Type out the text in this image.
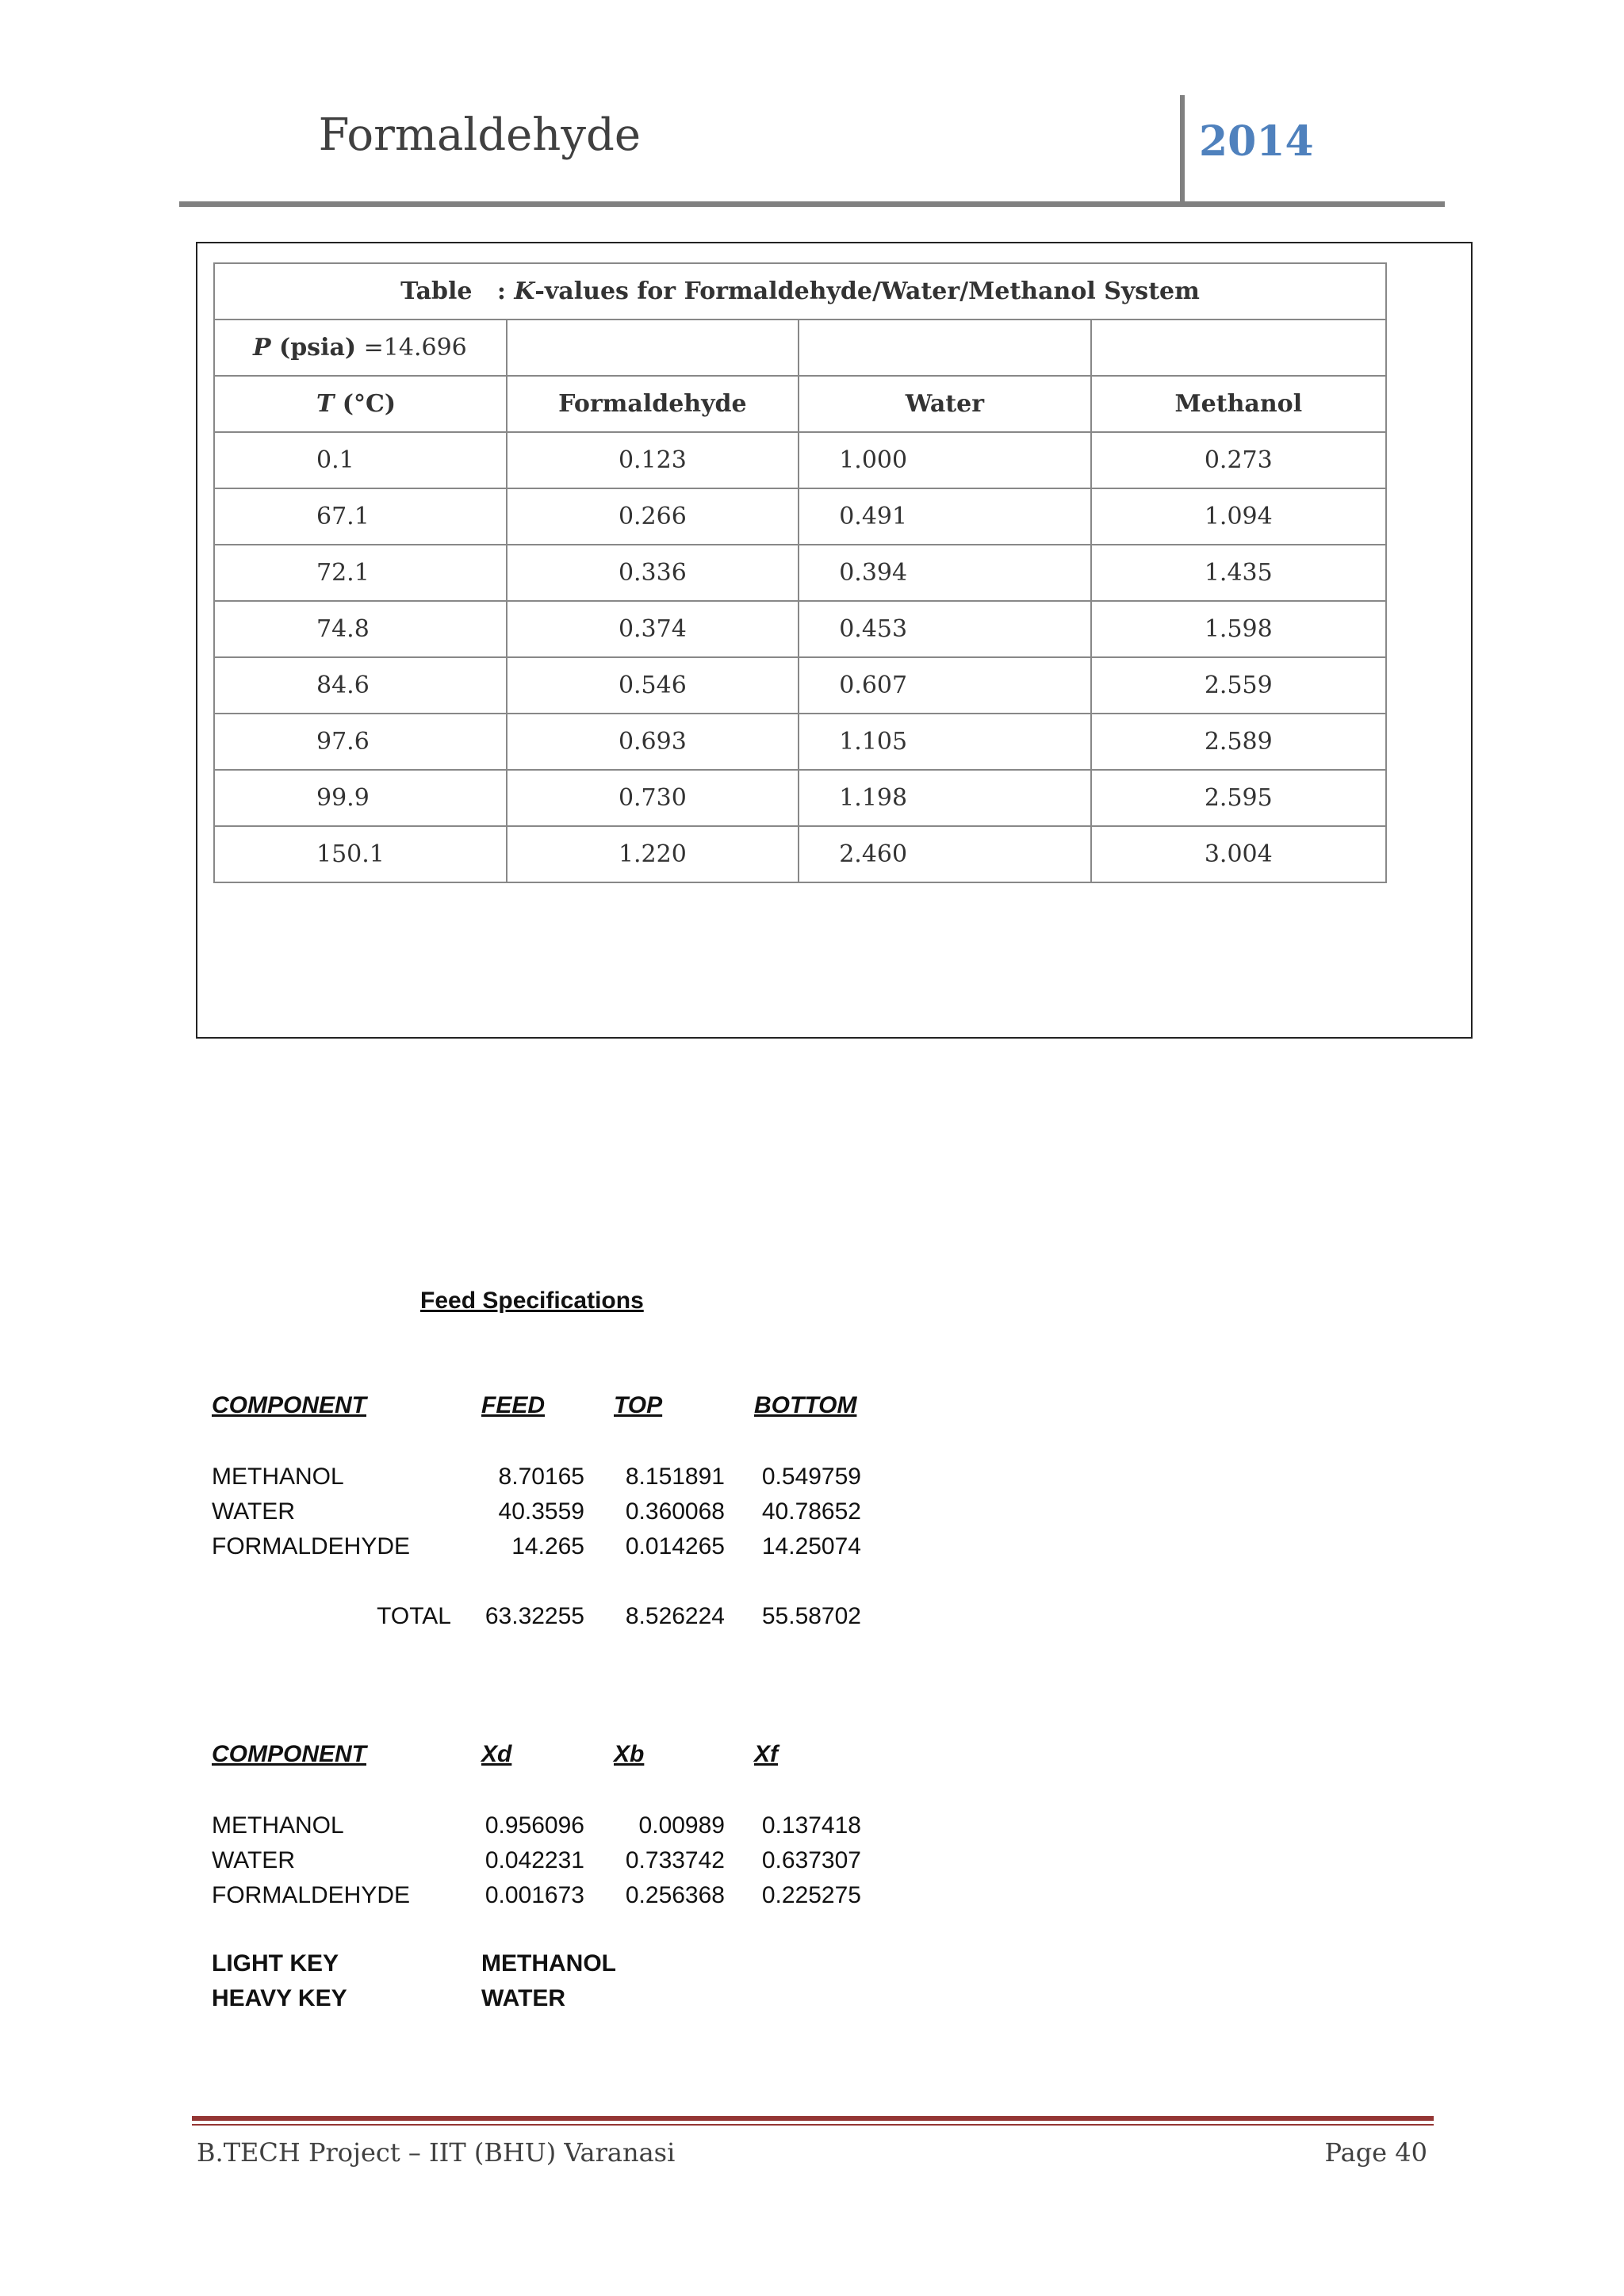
Formaldehyde	2014
Table : K-values for Formaldehyde/Water/Methanol System			
P (psia) =14.696			
T (°C)	Formaldehyde	Water	Methanol
0.1	0.123	1.000	0.273
67.1	0.266	0.491	1.094
72.1	0.336	0.394	1.435
74.8	0.374	0.453	1.598
84.6	0.546	0.607	2.559
97.6	0.693	1.105	2.589
99.9	0.730	1.198	2.595
150.1	1.220	2.460	3.004
Feed Specifications
COMPONENT	FEED	TOP	BOTTOM
METHANOL	8.70165 8.151891 0.549759
WATER	40.3559 0.360068 40.78652
FORMALDEHYDE	14.265 0.014265 14.25074
TOTAL 63.32255 8.526224 55.58702
COMPONENT	Xd	Xb	Xf
METHANOL	0.956096 0.00989 0.137418
WATER	0.042231 0.733742 0.637307
FORMALDEHYDE	0.001673 0.256368 0.225275
LIGHT KEY	METHANOL
HEAVY KEY	WATER
B.TECH Project – IIT (BHU) Varanasi	Page 40
